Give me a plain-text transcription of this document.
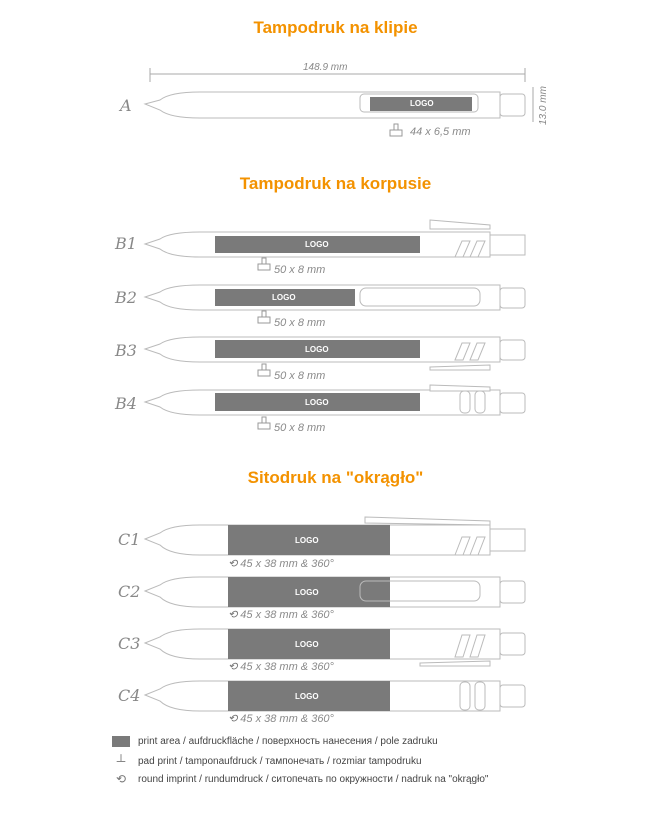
Tampodruk na klipie
Tampodruk na korpusie
Sitodruk na "okrągło"
LOGO
148.9 mm
13.0 mm
A
44 x 6,5 mm
LOGO
LOGO
LOGO
LOGO
B1
50 x 8 mm
B2
50 x 8 mm
B3
50 x 8 mm
B4
50 x 8 mm
LOGO
LOGO
LOGO
LOGO
C1
⟲ 45 x 38 mm & 360°
C2
⟲ 45 x 38 mm & 360°
C3
⟲ 45 x 38 mm & 360°
C4
⟲ 45 x 38 mm & 360°
print area / aufdruckfläche / поверхность нанесения / pole zadruku
┴	pad print / tamponaufdruck / тампонечать / rozmiar tampodruku
⟲	round imprint / rundumdruck / ситопечать по окружности / nadruk na "okrągło"
